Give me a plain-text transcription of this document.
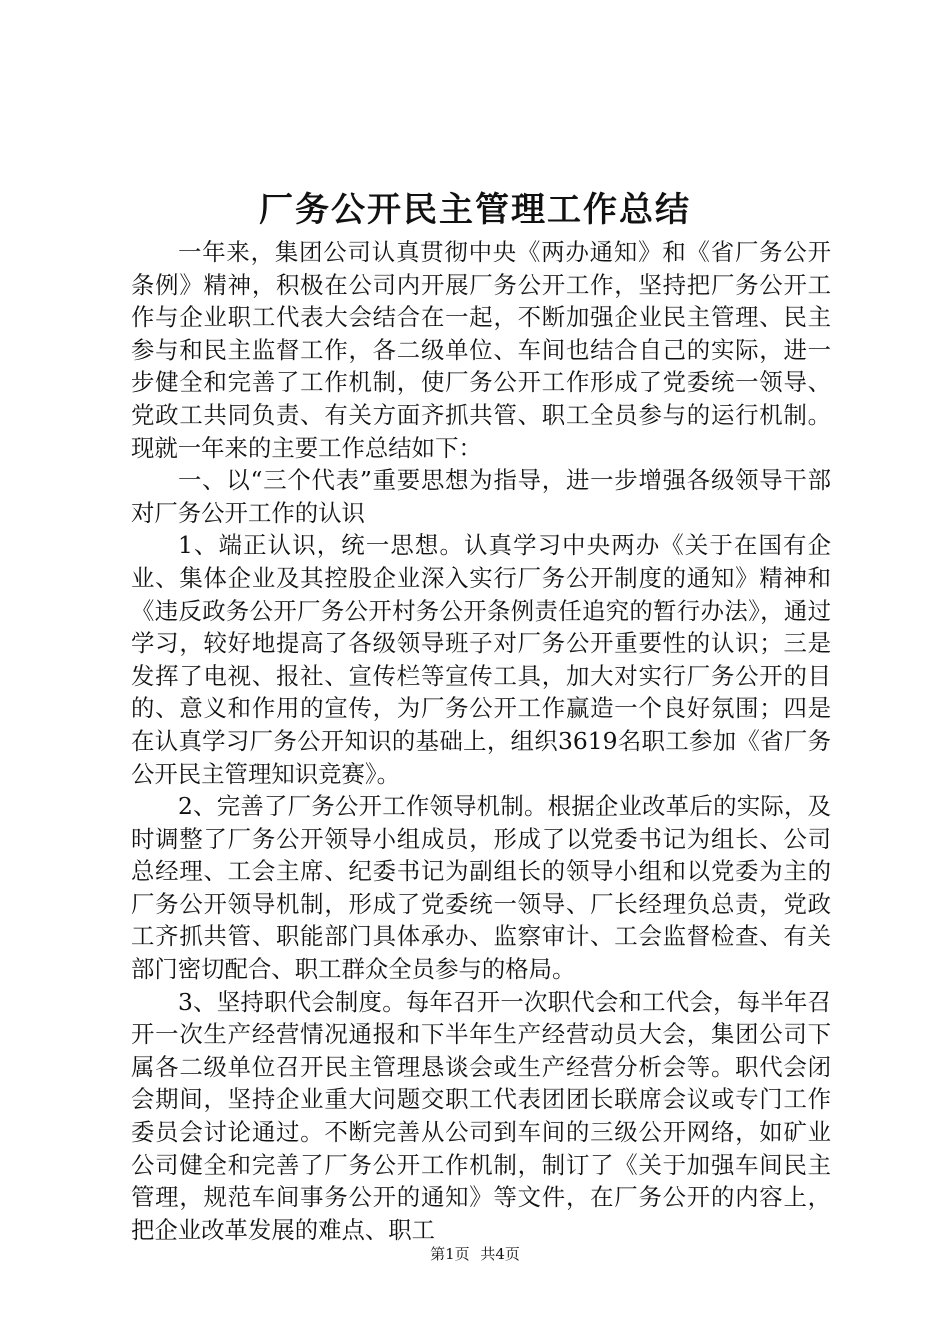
厂务公开民主管理工作总结

一年来，集团公司认真贯彻中央《两办通知》和《省厂务公开条例》精神，积极在公司内开展厂务公开工作，坚持把厂务公开工作与企业职工代表大会结合在一起，不断加强企业民主管理、民主参与和民主监督工作，各二级单位、车间也结合自己的实际，进一步健全和完善了工作机制，使厂务公开工作形成了党委统一领导、党政工共同负责、有关方面齐抓共管、职工全员参与的运行机制。现就一年来的主要工作总结如下：

一、以“三个代表”重要思想为指导，进一步增强各级领导干部对厂务公开工作的认识

1、端正认识，统一思想。认真学习中央两办《关于在国有企业、集体企业及其控股企业深入实行厂务公开制度的通知》精神和《违反政务公开厂务公开村务公开条例责任追究的暂行办法》，通过学习，较好地提高了各级领导班子对厂务公开重要性的认识；三是发挥了电视、报社、宣传栏等宣传工具，加大对实行厂务公开的目的、意义和作用的宣传，为厂务公开工作赢造一个良好氛围；四是在认真学习厂务公开知识的基础上，组织3619名职工参加《省厂务公开民主管理知识竞赛》。

2、完善了厂务公开工作领导机制。根据企业改革后的实际，及时调整了厂务公开领导小组成员，形成了以党委书记为组长、公司总经理、工会主席、纪委书记为副组长的领导小组和以党委为主的厂务公开领导机制，形成了党委统一领导、厂长经理负总责，党政工齐抓共管、职能部门具体承办、监察审计、工会监督检查、有关部门密切配合、职工群众全员参与的格局。

3、坚持职代会制度。每年召开一次职代会和工代会，每半年召开一次生产经营情况通报和下半年生产经营动员大会，集团公司下属各二级单位召开民主管理恳谈会或生产经营分析会等。职代会闭会期间，坚持企业重大问题交职工代表团团长联席会议或专门工作委员会讨论通过。不断完善从公司到车间的三级公开网络，如矿业公司健全和完善了厂务公开工作机制，制订了《关于加强车间民主管理，规范车间事务公开的通知》等文件，在厂务公开的内容上，把企业改革发展的难点、职工

第1页 共4页
